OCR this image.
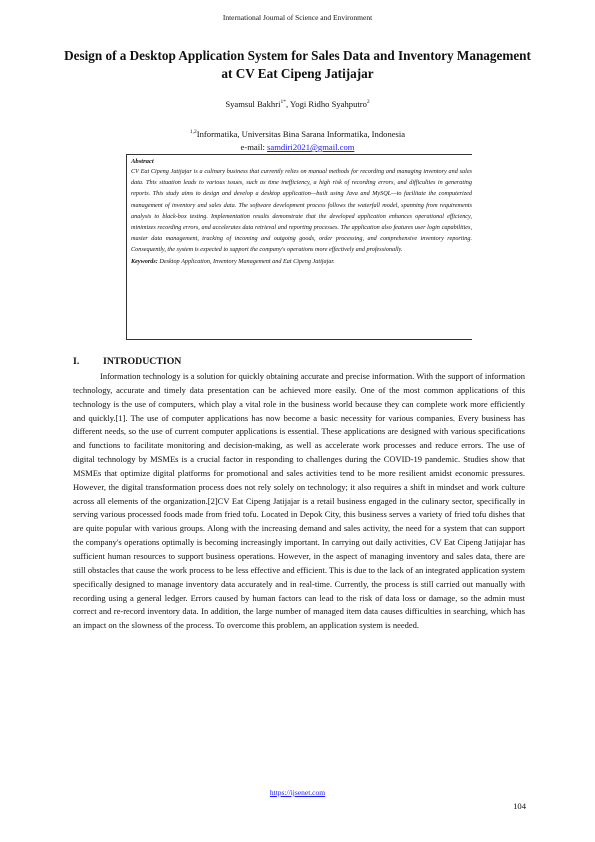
International Journal of Science and Environment
Design of a Desktop Application System for Sales Data and Inventory Management at CV Eat Cipeng Jatijajar
Syamsul Bakhri$^{1*}$, Yogi Ridho Syahputro$^2$
$^{1,2}$Informatika, Universitas Bina Sarana Informatika, Indonesia
e-mail: samdiri2021@gmail.com
Abstract

CV Eat Cipeng Jatijajar is a culinary business that currently relies on manual methods for recording and managing inventory and sales data. This situation leads to various issues, such as time inefficiency, a high risk of recording errors, and difficulties in generating reports. This study aims to design and develop a desktop application—built using Java and MySQL—to facilitate the computerized management of inventory and sales data. The software development process follows the waterfall model, spanning from requirements analysis to black-box testing. Implementation results demonstrate that the developed application enhances operational efficiency, minimizes recording errors, and accelerates data retrieval and reporting processes. The application also features user login capabilities, master data management, tracking of incoming and outgoing goods, order processing, and comprehensive inventory reporting. Consequently, the system is expected to support the company's operations more effectively and professionally.

Keywords: Desktop Application, Inventory Management and Eat Cipeng Jatijajar.

I. INTRODUCTION

Information technology is a solution for quickly obtaining accurate and precise information. With the support of information technology, accurate and timely data presentation can be achieved more easily. One of the most common applications of this technology is the use of computers, which play a vital role in the business world because they can complete work more efficiently and quickly.[1]. The use of computer applications has now become a basic necessity for various companies. Every business has different needs, so the use of current computer applications is essential. These applications are designed with various specifications and functions to facilitate monitoring and decision-making, as well as accelerate work processes and reduce errors. The use of digital technology by MSMEs is a crucial factor in responding to challenges during the COVID-19 pandemic. Studies show that MSMEs that optimize digital platforms for promotional and sales activities tend to be more resilient amidst economic pressures. However, the digital transformation process does not rely solely on technology; it also requires a shift in mindset and work culture across all elements of the organization.[2]CV Eat Cipeng Jatijajar is a retail business engaged in the culinary sector, specifically in serving various processed foods made from fried tofu. Located in Depok City, this business serves a variety of fried tofu dishes that are quite popular with various groups. Along with the increasing demand and sales activity, the need for a system that can support the company's operations optimally is becoming increasingly important. In carrying out daily activities, CV Eat Cipeng Jatijajar has sufficient human resources to support business operations. However, in the aspect of managing inventory and sales data, there are still obstacles that cause the work process to be less effective and efficient. This is due to the lack of an integrated application system specifically designed to manage inventory data accurately and in real-time. Currently, the process is still carried out manually with recording using a general ledger. Errors caused by human factors can lead to the risk of data loss or damage, so the admin must correct and re-record inventory data. In addition, the large number of managed item data causes difficulties in searching, which has an impact on the slowness of the process. To overcome this problem, an application system is needed.

https://ijsenet.com
104
